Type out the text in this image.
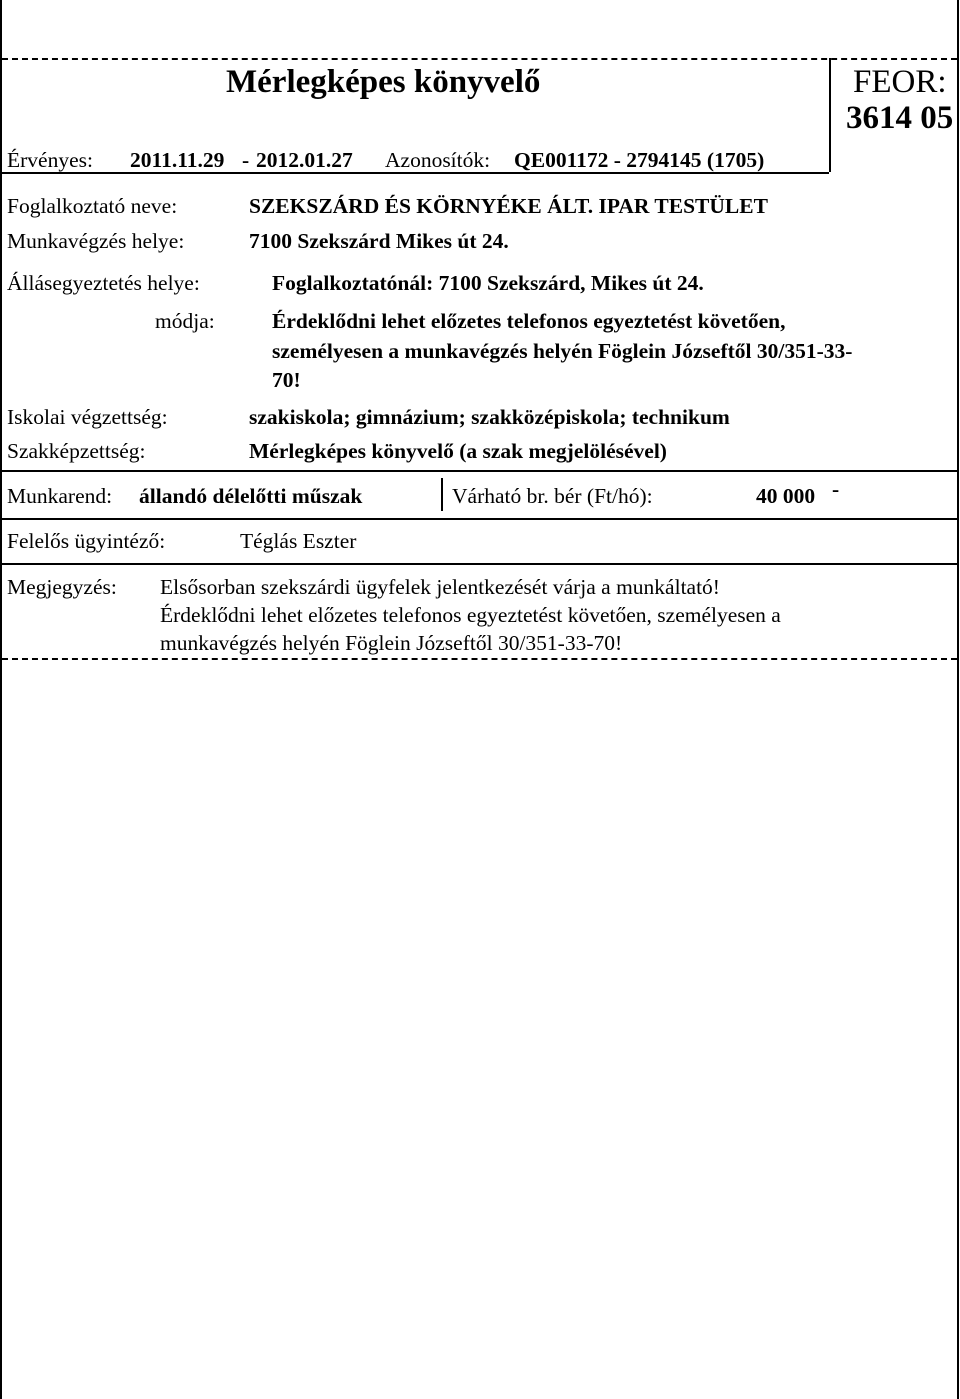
Mérlegképes könyvelő	FEOR:
3614 05
Érvényes: 2011.11.29 - 2012.01.27 Azonosítók: QE001172 - 2794145 (1705)
Foglalkoztató neve:	SZEKSZÁRD ÉS KÖRNYÉKE ÁLT. IPAR TESTÜLET
Munkavégzés helye:	7100 Szekszárd Mikes út 24.
Állásegyeztetés helye:	Foglalkoztatónál: 7100 Szekszárd, Mikes út 24.
módja:	Érdeklődni lehet előzetes telefonos egyeztetést követően,
személyesen a munkavégzés helyén Föglein Józseftől 30/351-33-
70!
Iskolai végzettség:	szakiskola; gimnázium; szakközépiskola; technikum
Szakképzettség:	Mérlegképes könyvelő (a szak megjelölésével)
Munkarend: állandó délelőtti műszak	Várható br. bér (Ft/hó):	40 000 -
Felelős ügyintéző:	Téglás Eszter
Megjegyzés: Elsősorban szekszárdi ügyfelek jelentkezését várja a munkáltató!
Érdeklődni lehet előzetes telefonos egyeztetést követően, személyesen a
munkavégzés helyén Föglein Józseftől 30/351-33-70!
